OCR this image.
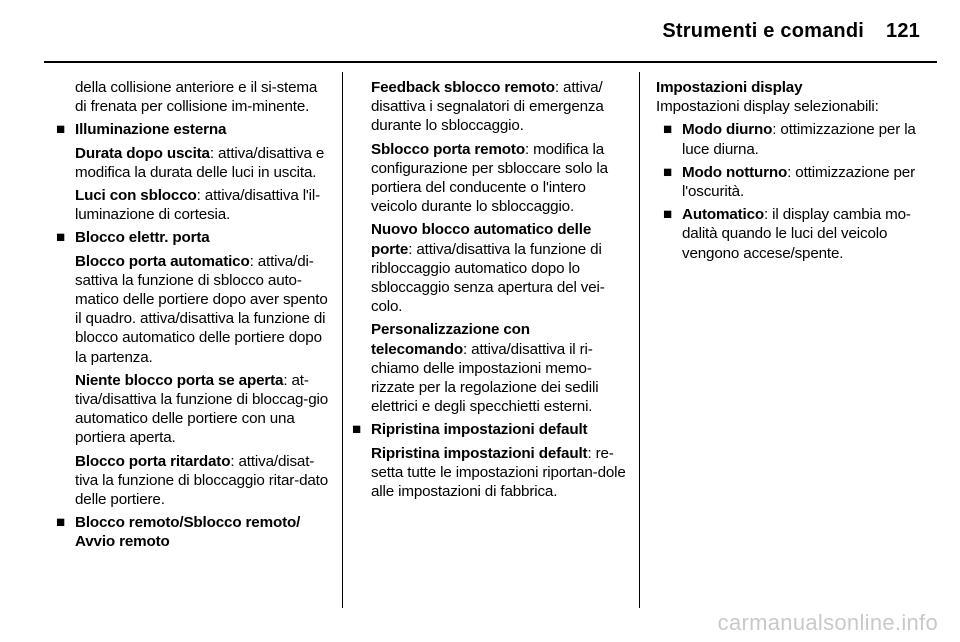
Strumenti e comandi 121

della collisione anteriore e il si-stema di frenata per collisione im-minente.

■ Illuminazione esterna

Durata dopo uscita: attiva/disattiva e modifica la durata delle luci in uscita.

Luci con sblocco: attiva/disattiva l'il-luminazione di cortesia.

■ Blocco elettr. porta

Blocco porta automatico: attiva/di-sattiva la funzione di sblocco auto-matico delle portiere dopo aver spento il quadro. attiva/disattiva la funzione di blocco automatico delle portiere dopo la partenza.

Niente blocco porta se aperta: at-tiva/disattiva la funzione di bloccag-gio automatico delle portiere con una portiera aperta.

Blocco porta ritardato: attiva/disat-tiva la funzione di bloccaggio ritar-dato delle portiere.

■ Blocco remoto/Sblocco remoto/ Avvio remoto

Feedback sblocco remoto: attiva/ disattiva i segnalatori di emergenza durante lo sbloccaggio.

Sblocco porta remoto: modifica la configurazione per sbloccare solo la portiera del conducente o l'intero veicolo durante lo sbloccaggio.

Nuovo blocco automatico delle porte: attiva/disattiva la funzione di ribloccaggio automatico dopo lo sbloccaggio senza apertura del vei-colo.

Personalizzazione con telecomando: attiva/disattiva il ri-chiamo delle impostazioni memo-rizzate per la regolazione dei sedili elettrici e degli specchietti esterni.

■ Ripristina impostazioni default

Ripristina impostazioni default: re-setta tutte le impostazioni riportan-dole alle impostazioni di fabbrica.

Impostazioni display

Impostazioni display selezionabili:

■ Modo diurno: ottimizzazione per la luce diurna.
■ Modo notturno: ottimizzazione per l'oscurità.
■ Automatico: il display cambia mo-dalità quando le luci del veicolo vengono accese/spente.
carmanualsonline.info
